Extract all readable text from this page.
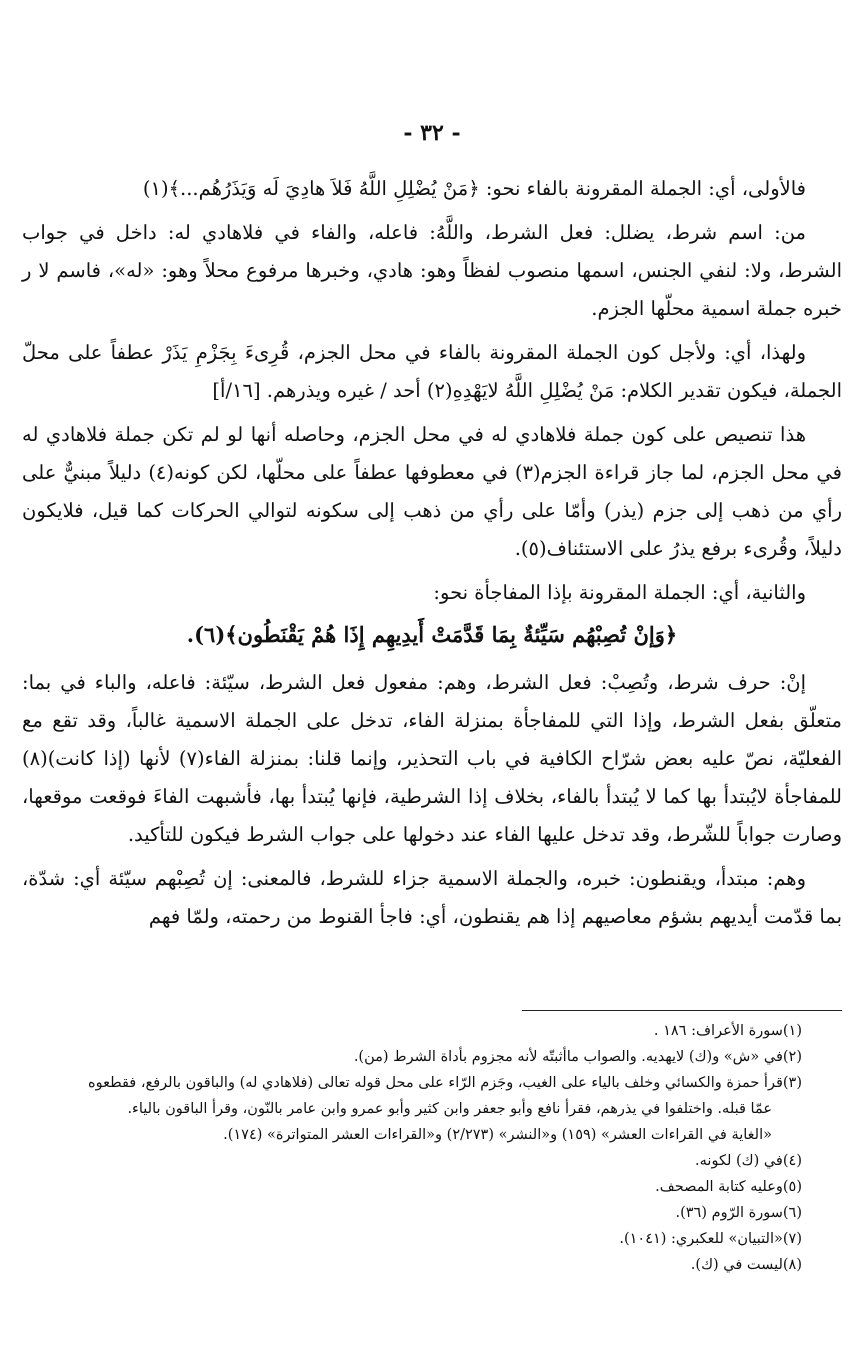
- ٣٢ -

فالأولى، أي: الجملة المقرونة بالفاء نحو: ﴿مَنْ يُضْلِلِ اللَّهُ فَلاَ هادِيَ لَه وَيَذَرُهُم...﴾(١)

من: اسم شرط، يضلل: فعل الشرط، واللَّهُ: فاعله، والفاء في فلاهادي له: داخل في جواب الشرط، ولا: لنفي الجنس، اسمها منصوب لفظاً وهو: هادي، وخبرها مرفوع محلاً وهو: «له»، فاسم لا ر خبره جملة اسمية محلّها الجزم.

ولهذا، أي: ولأجل كون الجملة المقرونة بالفاء في محل الجزم، قُرِىءَ بِجَزْمِ يَذَرْ عطفاً على محلّ الجملة، فيكون تقدير الكلام: مَنْ يُضْلِلِ اللَّهُ لايَهْدِهِ(٢) أحد / غيره ويذرهم. [١٦/أ]

هذا تنصيص على كون جملة فلاهادي له في محل الجزم، وحاصله أنها لو لم تكن جملة فلاهادي له في محل الجزم، لما جاز قراءة الجزم(٣) في معطوفها عطفاً على محلّها، لكن كونه(٤) دليلاً مبنيٌّ على رأي من ذهب إلى جزم (يذر) وأمّا على رأي من ذهب إلى سكونه لتوالي الحركات كما قيل، فلايكون دليلاً، وقُرىء برفع يذرُ على الاستئناف(٥).

والثانية، أي: الجملة المقرونة بإذا المفاجأة نحو:

﴿وَإنْ تُصِبْهُم سَيِّئةٌ بِمَا قَدَّمَتْ أَيدِيهِم إِذَا هُمْ يَقْنَطُون﴾(٦).

إنْ: حرف شرط، وتُصِبْ: فعل الشرط، وهم: مفعول فعل الشرط، سيّئة: فاعله، والباء في بما: متعلّق بفعل الشرط، وإذا التي للمفاجأة بمنزلة الفاء، تدخل على الجملة الاسمية غالباً، وقد تقع مع الفعليّة، نصّ عليه بعض شرّاح الكافية في باب التحذير، وإنما قلنا: بمنزلة الفاء(٧) لأنها (إذا كانت)(٨) للمفاجأة لايُبتدأ بها كما لا يُبتدأ بالفاء، بخلاف إذا الشرطية، فإنها يُبتدأ بها، فأشبهت الفاءَ فوقعت موقعها، وصارت جواباً للشّرط، وقد تدخل عليها الفاء عند دخولها على جواب الشرط فيكون للتأكيد.

وهم: مبتدأ، ويقنطون: خبره، والجملة الاسمية جزاء للشرط، فالمعنى: إن تُصِبْهم سيّئة أي: شدّة، بما قدّمت أيديهم بشؤم معاصيهم إذا هم يقنطون، أي: فاجأ القنوط من رحمته، ولمّا فهم

(١)سورة الأعراف: ١٨٦ .

(٢)في «ش» و(ك) لايهديه. والصواب ماأثبتّه لأنه مجزوم بأداة الشرط (من).

(٣)قرأ حمزة والكسائي وخلف بالياء على الغيب، وجَزم الرّاء على محل قوله تعالى (فلاهادي له) والباقون بالرفع، فقطعوه

عمّا قبله. واختلفوا في يذرهم، فقرأ نافع وأبو جعفر وابن كثير وأبو عمرو وابن عامر بالنّون، وقرأ الباقون بالياء.

«الغاية في القراءات العشر» (١٥٩) و«النشر» (٢/٢٧٣) و«القراءات العشر المتواترة» (١٧٤).

(٤)في (ك) لكونه.

(٥)وعليه كتابة المصحف.

(٦)سورة الرّوم (٣٦).

(٧)«التبيان» للعكبري: (١٠٤١).

(٨)ليست في (ك).
